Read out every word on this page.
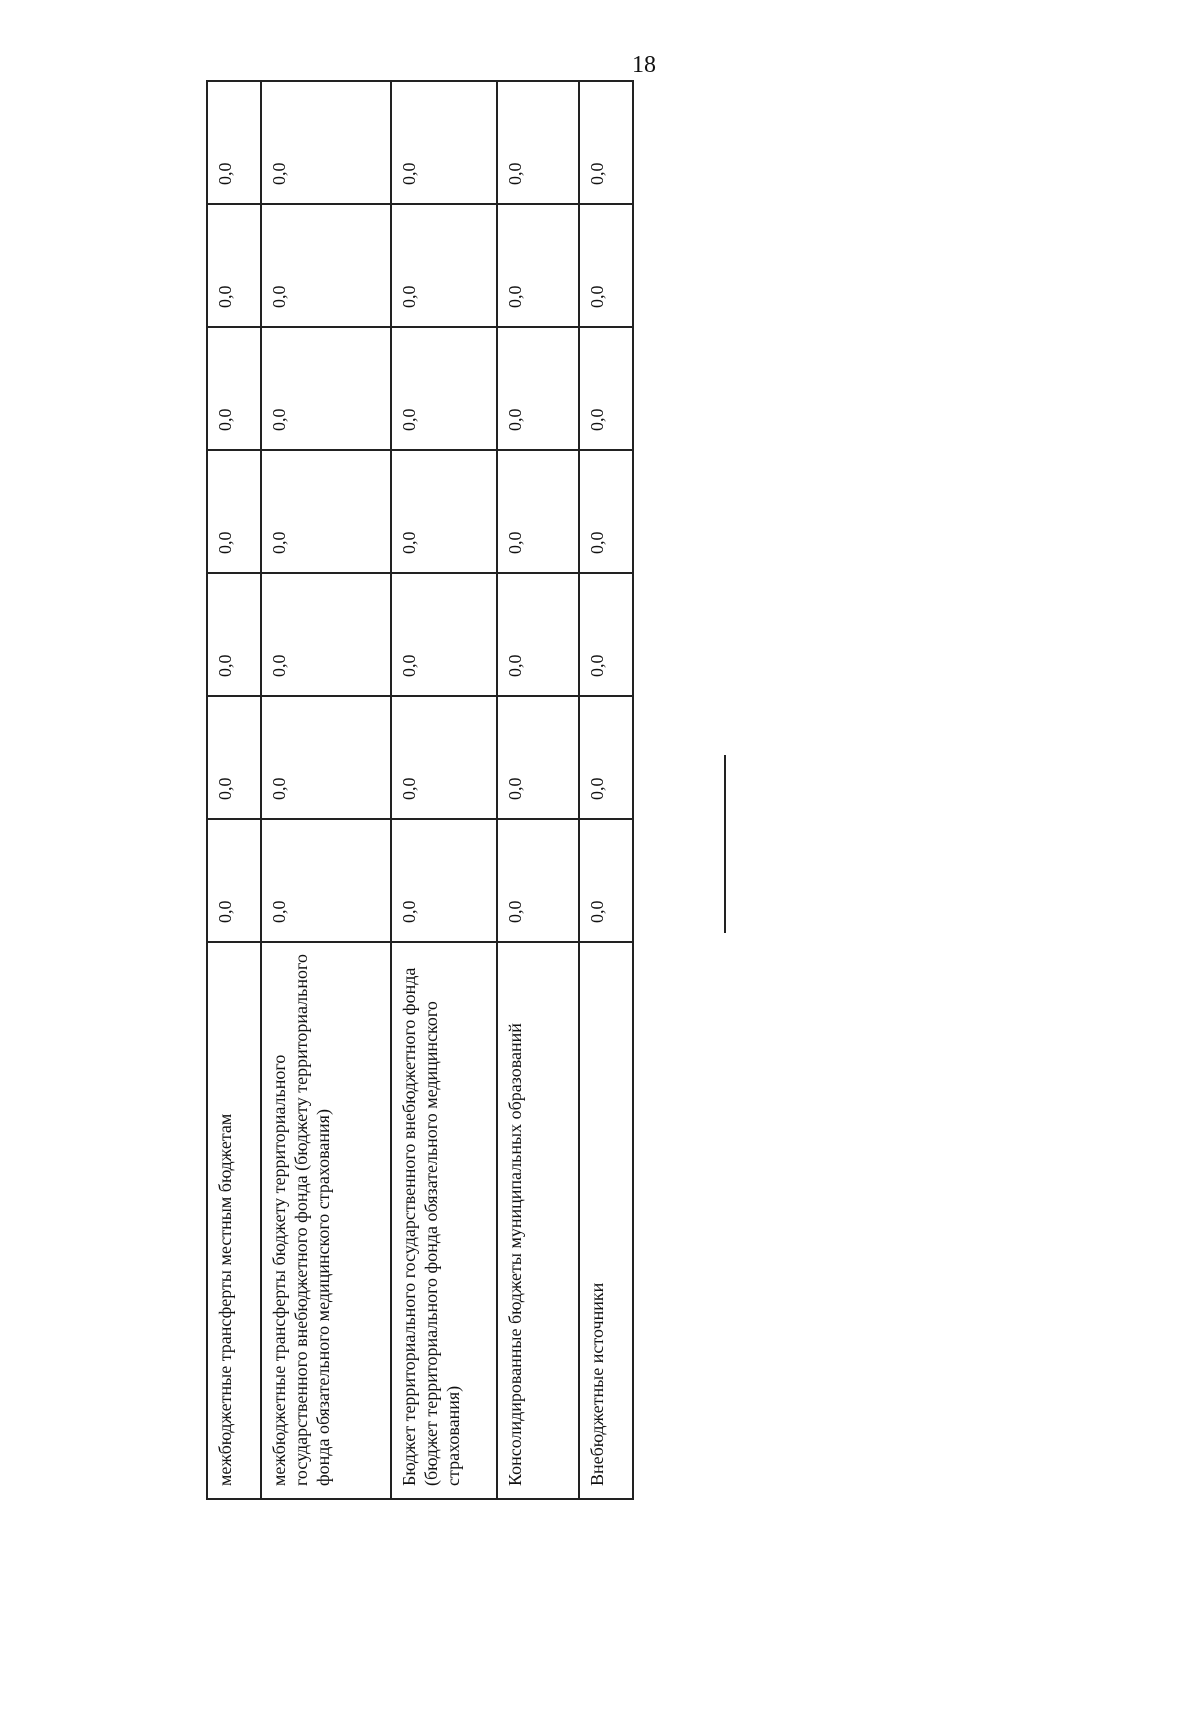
18
межбюджетные трансферты местным бюджетам	0,0	0,0	0,0	0,0	0,0	0,0	0,0
межбюджетные трансферты бюджету территориального государственного внебюджетного фонда (бюджету территориального фонда обязательного медицинского страхования)	0,0	0,0	0,0	0,0	0,0	0,0	0,0
Бюджет территориального государственного внебюджетного фонда (бюджет территориального фонда обязательного медицинского страхования)	0,0	0,0	0,0	0,0	0,0	0,0	0,0
Консолидированные бюджеты муниципальных образований	0,0	0,0	0,0	0,0	0,0	0,0	0,0
Внебюджетные источники	0,0	0,0	0,0	0,0	0,0	0,0	0,0
